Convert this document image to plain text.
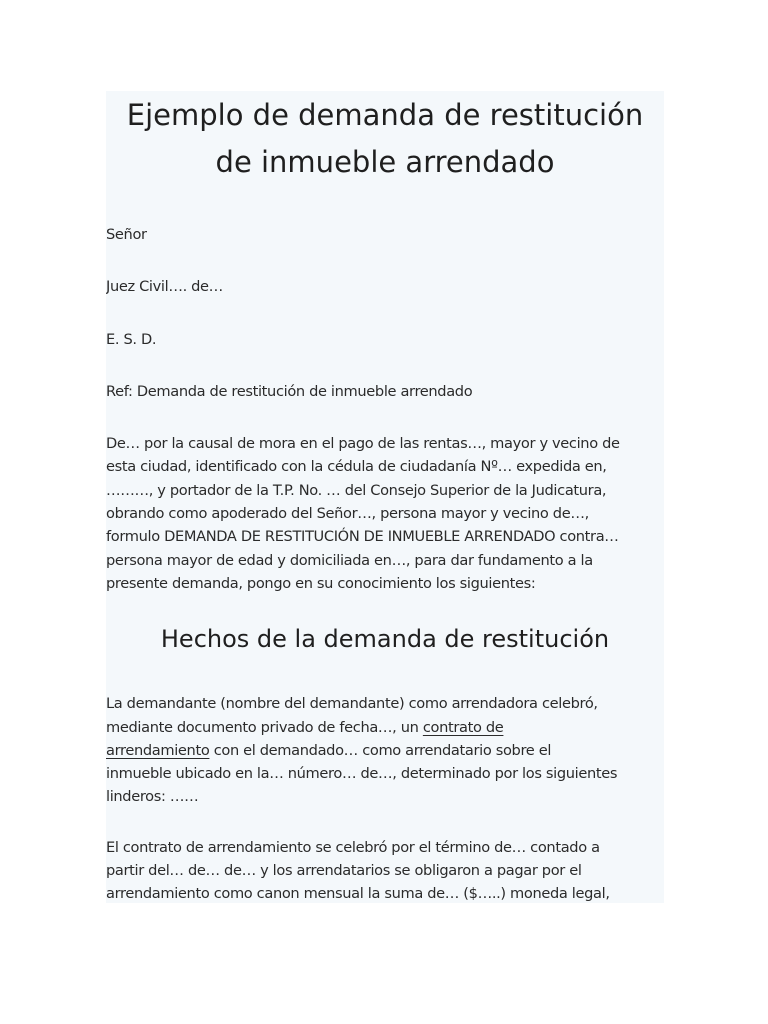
Ejemplo de demanda de restitución
de inmueble arrendado

Señor

Juez Civil…. de…

E. S. D.

Ref: Demanda de restitución de inmueble arrendado

De… por la causal de mora en el pago de las rentas…, mayor y vecino de

esta ciudad, identificado con la cédula de ciudadanía Nº… expedida en,

………, y portador de la T.P. No. … del Consejo Superior de la Judicatura,

obrando como apoderado del Señor…, persona mayor y vecino de…,

formulo DEMANDA DE RESTITUCIÓN DE INMUEBLE ARRENDADO contra…

persona mayor de edad y domiciliada en…, para dar fundamento a la

presente demanda, pongo en su conocimiento los siguientes:

Hechos de la demanda de restitución

La demandante (nombre del demandante) como arrendadora celebró,

mediante documento privado de fecha…, un contrato de

arrendamiento con el demandado… como arrendatario sobre el

inmueble ubicado en la… número… de…, determinado por los siguientes

linderos: ……

El contrato de arrendamiento se celebró por el término de… contado a

partir del… de… de… y los arrendatarios se obligaron a pagar por el

arrendamiento como canon mensual la suma de… ($…..) moneda legal,
